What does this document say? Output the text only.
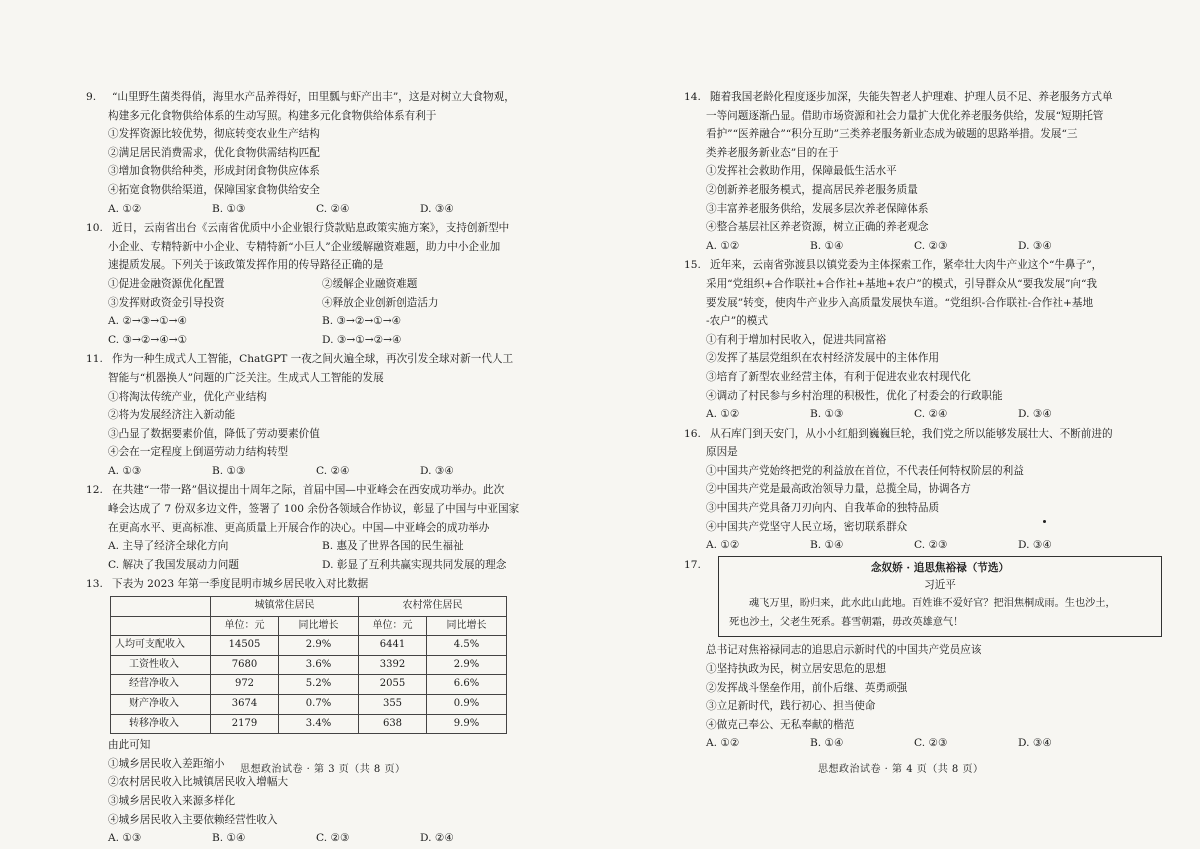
9. “山里野生菌类得俏，海里水产品养得好，田里瓢与虾产出丰”，这是对树立大食物观，
构建多元化食物供给体系的生动写照。构建多元化食物供给体系有利于
①发挥资源比较优势，彻底转变农业生产结构
②满足居民消费需求，优化食物供需结构匹配
③增加食物供给种类，形成封闭食物供应体系
④拓宽食物供给渠道，保障国家食物供给安全
A. ①②	B. ①③	C. ②④	D. ③④
10. 近日，云南省出台《云南省优质中小企业银行贷款贴息政策实施方案》，支持创新型中
小企业、专精特新中小企业、专精特新“小巨人”企业缓解融资难题，助力中小企业加
速提质发展。下列关于该政策发挥作用的传导路径正确的是
①促进金融资源优化配置	②缓解企业融资难题
③发挥财政资金引导投资	④释放企业创新创造活力
A. ②→③→①→④	B. ③→②→①→④
C. ③→②→④→①	D. ③→①→②→④
11. 作为一种生成式人工智能，ChatGPT 一夜之间火遍全球，再次引发全球对新一代人工
智能与“机器换人”问题的广泛关注。生成式人工智能的发展
①将淘汰传统产业，优化产业结构
②将为发展经济注入新动能
③凸显了数据要素价值，降低了劳动要素价值
④会在一定程度上倒逼劳动力结构转型
A. ①③	B. ①③	C. ②④	D. ③④
12. 在共建“一带一路”倡议提出十周年之际，首届中国—中亚峰会在西安成功举办。此次
峰会达成了 7 份双多边文件，签署了 100 余份各领域合作协议，彰显了中国与中亚国家
在更高水平、更高标准、更高质量上开展合作的决心。中国—中亚峰会的成功举办
A. 主导了经济全球化方向	B. 惠及了世界各国的民生福祉
C. 解决了我国发展动力问题	D. 彰显了互利共赢实现共同发展的理念
13. 下表为 2023 年第一季度昆明市城乡居民收入对比数据
	城镇常住居民		农村常住居民	
	单位：元	同比增长	单位：元	同比增长
人均可支配收入	14505	2.9%	6441	4.5%
工资性收入	7680	3.6%	3392	2.9%
经营净收入	972	5.2%	2055	6.6%
财产净收入	3674	0.7%	355	0.9%
转移净收入	2179	3.4%	638	9.9%
由此可知
①城乡居民收入差距缩小
②农村居民收入比城镇居民收入增幅大
③城乡居民收入来源多样化
④城乡居民收入主要依赖经营性收入
A. ①③	B. ①④	C. ②③	D. ②④
思想政治试卷 · 第 3 页（共 8 页）
14. 随着我国老龄化程度逐步加深，失能失智老人护理难、护理人员不足、养老服务方式单
一等问题逐渐凸显。借助市场资源和社会力量扩大优化养老服务供给，发展“短期托管
看护”“医养融合”“积分互助”三类养老服务新业态成为破题的思路举措。发展“三
类养老服务新业态”目的在于
①发挥社会救助作用，保障最低生活水平
②创新养老服务模式，提高居民养老服务质量
③丰富养老服务供给，发展多层次养老保障体系
④整合基层社区养老资源，树立正确的养老观念
A. ①②	B. ①④	C. ②③	D. ③④
15. 近年来，云南省弥渡县以镇党委为主体探索工作，紧牵壮大肉牛产业这个“牛鼻子”，
采用“党组织+合作联社+合作社+基地+农户”的模式，引导群众从“要我发展”向“我
要发展”转变，使肉牛产业步入高质量发展快车道。“党组织-合作联社-合作社+基地
-农户”的模式
①有利于增加村民收入，促进共同富裕
②发挥了基层党组织在农村经济发展中的主体作用
③培育了新型农业经营主体，有利于促进农业农村现代化
④调动了村民参与乡村治理的积极性，优化了村委会的行政职能
A. ①②	B. ①③	C. ②④	D. ③④
16. 从石库门到天安门，从小小红船到巍巍巨轮，我们党之所以能够发展壮大、不断前进的
原因是
①中国共产党始终把党的利益放在首位，不代表任何特权阶层的利益
②中国共产党是最高政治领导力量，总揽全局，协调各方
③中国共产党具备刀刃向内、自我革命的独特品质
④中国共产党坚守人民立场，密切联系群众
A. ①②	B. ①④	C. ②③	D. ③④
17.	念奴娇 · 追思焦裕禄（节选）
习近平
魂飞万里，盼归来，此水此山此地。百姓谁不爱好官？把泪焦桐成雨。生也沙土，
死也沙土，父老生死系。暮雪朝霜，毋改英雄意气！
总书记对焦裕禄同志的追思启示新时代的中国共产党员应该
①坚持执政为民，树立居安思危的思想
②发挥战斗堡垒作用，前仆后继、英勇顽强
③立足新时代，践行初心、担当使命
④做克己奉公、无私奉献的楷范
A. ①②	B. ①④	C. ②③	D. ③④
思想政治试卷 · 第 4 页（共 8 页）
